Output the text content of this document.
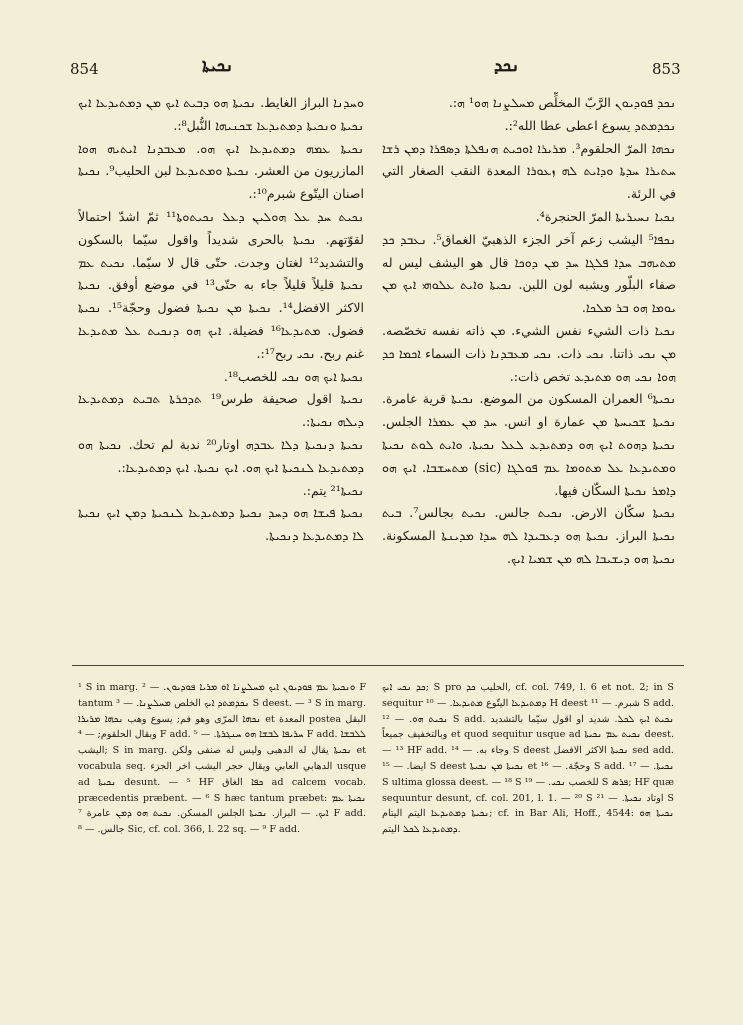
854	ܢܟܝܬܐ	ܢܟܕ	853

ܢܟܕ ܦܘܕܝܘܢ الرَّبّ المخلِّص ܡܚܠܨܢܐ ܗܘ¹ ܗ:.

ܢܟܕܡܬܕ يسوع اعطى عطا الله²:.

ܢܟܗܐ المرّ الحلقوم³. ܡܪܝܪܐ ܐܘܟܝܬ ܗܢܦܠܬܐ ܕܣܦܪܐ ܕܡܢ ܪܫܐ ܚܬܝܪܐ ܚܕܬܐ ܘܕܐܝܬ ܠܗ ܙܥܘܪܐ المعدة النقب الصغار التي في الرئة.

ܢܟܝܐ ܢܚܝܪܝܬܐ المرّ الحنجرة⁴.

ܢܟܦܐ⁵ اليشب زعم آخر الجزء الذهبيّ الغماق⁵. ܢܥܒܕ ܟܕ ܡܬܝܗܒ ܚܕܐ ܦܠܓܐ ܚܕ ܡܢ ܕܘܟܐ قال هو اليشف ليس له صفاء البلّور ويشبه لون اللبن. ܢܟܝܬܐ ܘܐܝܬ ܥܠܘܗܝ ܐܝܟ ܡܢ ܝܘܡܐ ܗܘ ܒܪ ܡܠܟܐ.

ܢܟܝܐ ذات الشيء نفس الشيء. ܡܢ ذاته نفسه تخصّصه. ܡܢ ܢܟܝ ذاتنا. ܢܟܝ ذات. ܢܟܝ ܡܥܒܕܢܐ ذات السماء ܐܟܡܐ ܟܕ ܗܘܐ ܢܟܝ ܗܘ ܡܬܝܕܥ تخص ذات:.

ܢܟܝܬܐ⁶ العمران المسكون من الموضع. ܢܟܝܬܐ قرية عامرة. ܢܟܝܬܐ ܫܟܝܚܬܐ ܡܢ عمارة او انس. ܚܕ ܡܢ ܥܡܪܐ الجلس. ܢܟܝܬܐ ܕܗܘܬ ܐܝܟ ܗܘ ܕܡܬܝܕܥ ܠܥܠ ܢܟܝܬܐ. ܘܐܝܬ ܠܘܬ ܢܟܝܬܐ ܘܡܬܝܕܥܐ ܥܠ ܡܬܘܡܐ ܥܡ ܦܘܠܓܐ (sic) ܡܬܚܫܒܐ. ܐܝܟ ܗܘ ܕܐܡܪ ܢܟܝܬܐ السكّان فيها.

ܢܟܝܬܐ سكّان الارض. ܢܟܝܬ جالس. ܢܟܝܬ بجالس⁷. ܒܝܬ ܢܟܝܬܐ البراز. ܢܟܝܬܐ ܗܘ ܕܥܒܝܕܐ ܠܗ ܚܕܐ ܡܕܝܢܬܐ المسكونة. ܢܟܝܬܐ ܗܘ ܕܝܫܝܒܐ ܠܗ ܡܢ ܫܡܝܐ ܐܝܟ.

ܘܚܕܢܐ البراز الغايط. ܢܟܝܬܐ ܗܘ ܕܒܝܬ ܐܝܟ ܡܢ ܕܡܬܝܕܥܐ ܐܝܟ ܢܟܝܬܐ ܘܢܟܝܬܐ ܕܡܬܝܕܥܐ ܫܟܢܝܗܐ النُّبل⁸:.

ܢܟܝܬܐ ܥܡܗ ܕܡܬܝܕܥܐ ܐܝܟ ܗܘ. ܡܥܒܕܢܐ ܐܝܬܝܗ ܗܘܐ المازريون من العشر. ܢܟܝܬܐ ܘܡܬܝܕܥܐ لبن الحليب⁹. ܢܟܝܬܐ اصنان اليتّوع شبرم¹⁰:.

ܢܟܝܬ ܚܕ ܥܠ ܗܘܠܝܢ ܕܥܠ ܢܟܝܬܘܬܐ¹¹ ثمّ اشدّ احتمالاً لقوّتهم. ܢܟܝܬܐ بالحرى شديداً واقول سيّما بالسكون والتشديد¹² لغتان وجدت. حتّى قال لا سيّما. ܢܟܝܬ ܥܡ ܢܟܝܬܐ قليلاً قليلاً جاء به حتّى¹³ في موضع أوفق. ܢܟܝܬܐ الاكثر الافضل¹⁴. ܢܟܝܬܐ ܡܢ ܢܟܝܬܐ فضول وحجّة¹⁵. ܢܟܝܬܐ فضول. ܡܬܝܕܥܐ¹⁶ فضيلة. ܐܝܟ ܗܘ ܕܢܟܝܬ ܥܠ ܡܬܝܕܥܐ غنم ربح. ܢܟܝ ربح¹⁷:.

ܢܟܝܬܐ ܐܝܟ ܗܘ ܢܟܝ للخصب¹⁸.

ܢܟܝܬܐ اقول صحيفة طرس¹⁹ ܬܕܟܪܬܐ ܬܒܝܬ ܕܡܬܝܕܥܐ ܕܝܠܗ ܢܟܝܬܐ:.

ܢܟܝܬܐ ܕܢܟܝܬܐ ܕܠܐ ܥܒܕܗ اوتار²⁰ ندبة لم تحك. ܢܟܝܬܐ ܗܘ ܕܡܬܝܕܥܐ ܠܢܟܝܬܐ ܐܝܟ ܗܘ. ܐܝܟ ܢܟܝܬܐ. ܐܝܟ ܕܡܬܝܕܥܐ:.

ܢܟܝܬܐ²¹ يتم:.

ܢܟܝܬܐ ܦܝܫܐ ܗܘ ܕܚܕ ܢܟܝܬܐ ܕܡܬܝܕܥܐ ܠܢܟܝܬܐ ܕܡܢ ܐܝܟ ܢܟܝܬܐ ܠܐ ܕܡܬܝܕܥܐ ܕܢܟܝܬܐ.

¹ S in marg. ܘܢܟܝܬܐ ܥܡ ܦܘܕܝܘܢ ܐܝܟ ܡܚܠܨܢܐ ܐܘ ܡܪܝܐ ܦܘܕܝܘܢ. — ² F tantum ܢܟܕܡܬܕ ܐܝܟ الخلص ܡܚܠܨܢܐ. — ³ S deest. — ³ S in marg. ܢܟܗܐ المرّى وهو فم; يسوع وهب ܢܟܗܐ ܡܪܝܪܐ et المعدة postea البقل وبقال الحلقوم; — ⁴ F add. ܚܪܝܦܐ ܠܒܫܐ ܗܘ ܚܢܓܪܬܐ. — ⁵ F add. ܠܠܒܫܐ اليشب; S in marg. ܢܟܝܬܐ يقال له الدهبى وليس له صنفى ولكن et vocabula seq. الدهابي العابي ويقال حجر اليشب اخر الجزء usque ad ܢܟܝܬܐ desunt. — ⁵ HF ܟܦܐ الغاق ad calcem vocab. præcedentis præbent. — ⁶ S hæc tantum præbet: ܢܟܝܬܐ ܥܡ ܐܝܟ. — البراز. ܢܟܝܬܐ الجلس المسكن. ܢܟܝܬ ܗܘ ܕܡܢ عامرة ⁷ F add. جالس. — ⁸ Sic, cf. col. 366, l. 22 sq. — ⁹ F add.

ܟܕ ܢܟܝ ܐܝܟ; S pro الحليب ܟܕ, cf. col. 749, l. 6 et not. 2; in S sequitur ܕܡܬܝܕܥܐ اليتّوع ܡܬܝܕܥܐ. — ¹⁰ H deest شبرم. — ¹¹ S add. ܢܟܝܬ ܗܘ. — ¹² S add. ܢܟܝܬ ܐܝܟ ܠܟܠ. شديد او اقول سيّما بالتشديد وبالتخفيف جميعاً et quod sequitur usque ad ܢܟܝܬ ܥܡ ܢܟܝܬܐ deest. — ¹³ HF add. وجاء به. — ¹⁴ S deest ܢܟܝܬܐ الاكثر الافضل sed add. ايضا. — ¹⁵ S deest ܢܟܝܬܐ ܡܢ ܢܟܝܬܐ et وحجّة. — ¹⁶ S add. ܢܟܝܬܐ. — ¹⁷ S ultima glossa deest. — ¹⁸ S للخصب ܢܟܝ. — ¹⁹ S ܦܪܣ; HF quæ sequuntur desunt, cf. col. 201, l. 1. — ²⁰ S اوتاد ܢܟܝܬܐ. — ²¹ S ܢܟܝܬܐ ܕܡܬܝܕܥܐ اليتم اليتام; cf. in Bar Ali, Hoff., 4544: ܢܟܝܬܐ ܗܘ ܕܡܬܝܕܥܐ ܠܟܠ اليتم.
